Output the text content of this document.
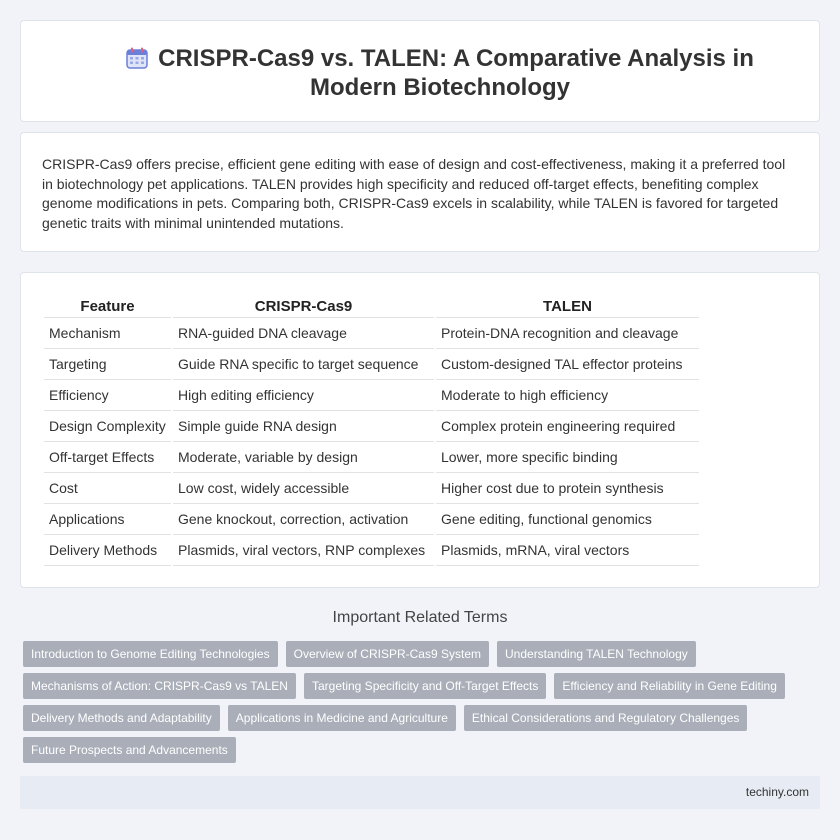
CRISPR-Cas9 vs. TALEN: A Comparative Analysis in Modern Biotechnology

CRISPR-Cas9 offers precise, efficient gene editing with ease of design and cost-effectiveness, making it a preferred tool in biotechnology pet applications. TALEN provides high specificity and reduced off-target effects, benefiting complex genome modifications in pets. Comparing both, CRISPR-Cas9 excels in scalability, while TALEN is favored for targeted genetic traits with minimal unintended mutations.

Feature	CRISPR-Cas9	TALEN
Mechanism	RNA-guided DNA cleavage	Protein-DNA recognition and cleavage
Targeting	Guide RNA specific to target sequence	Custom-designed TAL effector proteins
Efficiency	High editing efficiency	Moderate to high efficiency
Design Complexity	Simple guide RNA design	Complex protein engineering required
Off-target Effects	Moderate, variable by design	Lower, more specific binding
Cost	Low cost, widely accessible	Higher cost due to protein synthesis
Applications	Gene knockout, correction, activation	Gene editing, functional genomics
Delivery Methods	Plasmids, viral vectors, RNP complexes	Plasmids, mRNA, viral vectors
Important Related Terms
Introduction to Genome Editing Technologies	Overview of CRISPR-Cas9 System	Understanding TALEN Technology
Mechanisms of Action: CRISPR-Cas9 vs TALEN	Targeting Specificity and Off-Target Effects	Efficiency and Reliability in Gene Editing
Delivery Methods and Adaptability	Applications in Medicine and Agriculture	Ethical Considerations and Regulatory Challenges
Future Prospects and Advancements
techiny.com
